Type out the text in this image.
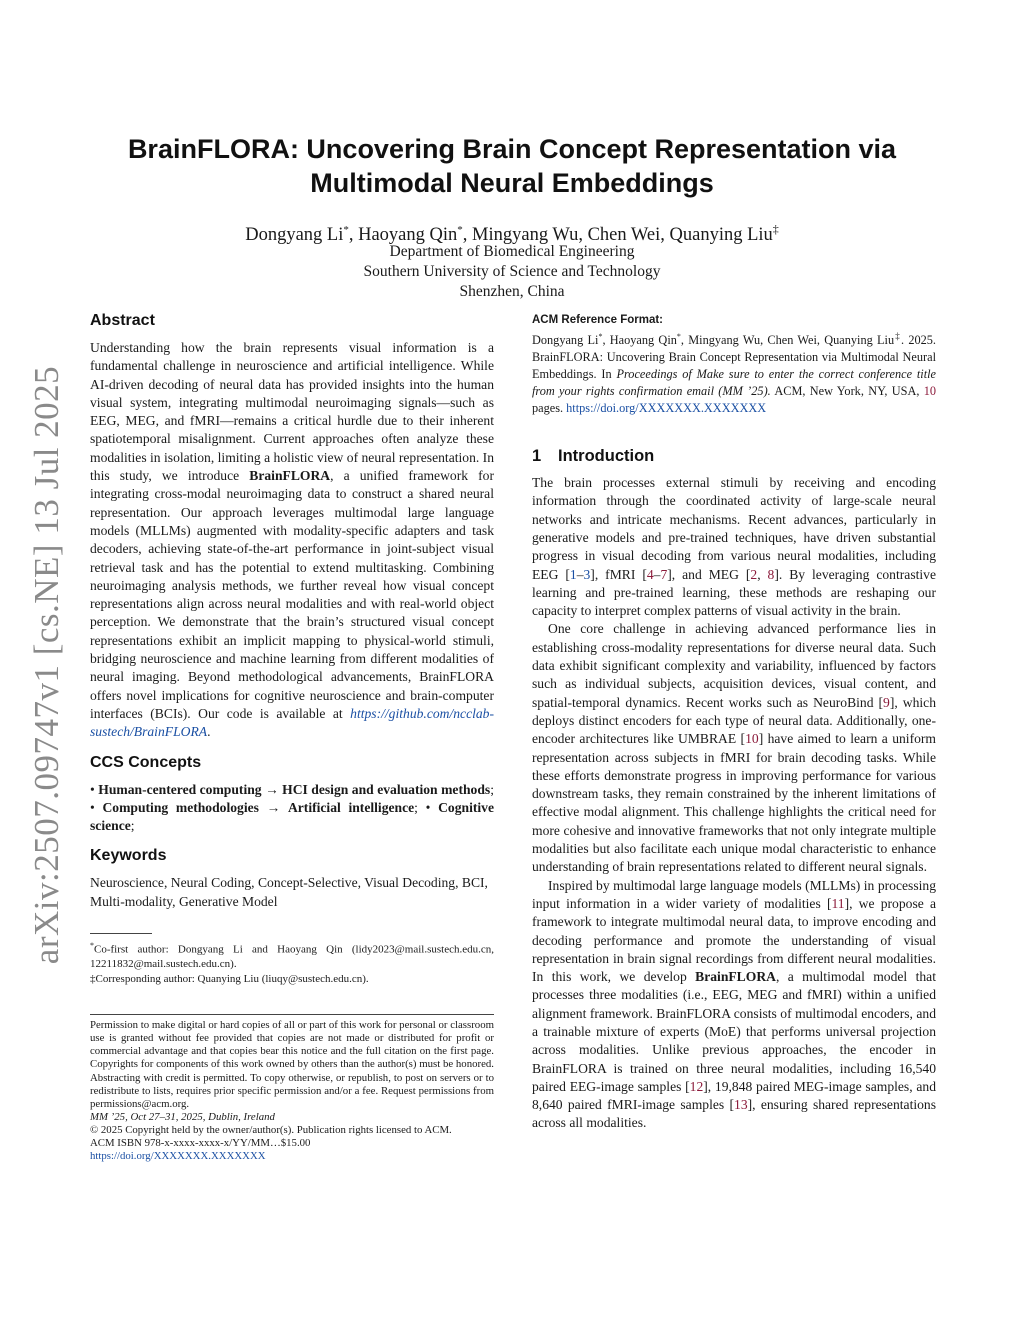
arXiv:2507.09747v1 [cs.NE] 13 Jul 2025
BrainFLORA: Uncovering Brain Concept Representation via
Multimodal Neural Embeddings
Dongyang Li*, Haoyang Qin*, Mingyang Wu, Chen Wei, Quanying Liu‡
Department of Biomedical Engineering
Southern University of Science and Technology
Shenzhen, China
Abstract

Understanding how the brain represents visual information is a fundamental challenge in neuroscience and artificial intelligence. While AI-driven decoding of neural data has provided insights into the human visual system, integrating multimodal neuroimaging signals—such as EEG, MEG, and fMRI—remains a critical hurdle due to their inherent spatiotemporal misalignment. Current approaches often analyze these modalities in isolation, limiting a holistic view of neural representation. In this study, we introduce BrainFLORA, a unified framework for integrating cross-modal neuroimaging data to construct a shared neural representation. Our approach leverages multimodal large language models (MLLMs) augmented with modality-specific adapters and task decoders, achieving state-of-the-art performance in joint-subject visual retrieval task and has the potential to extend multitasking. Combining neuroimaging analysis methods, we further reveal how visual concept representations align across neural modalities and with real-world object perception. We demonstrate that the brain’s structured visual concept representations exhibit an implicit mapping to physical-world stimuli, bridging neuroscience and machine learning from different modalities of neural imaging. Beyond methodological advancements, BrainFLORA offers novel implications for cognitive neuroscience and brain-computer interfaces (BCIs). Our code is available at https://github.com/ncclab-sustech/BrainFLORA.

CCS Concepts

• Human-centered computing → HCI design and evaluation methods; • Computing methodologies → Artificial intelligence; • Cognitive science;

Keywords

Neuroscience, Neural Coding, Concept-Selective, Visual Decoding, BCI, Multi-modality, Generative Model

*Co-first author: Dongyang Li and Haoyang Qin (lidy2023@mail.sustech.edu.cn, 12211832@mail.sustech.edu.cn).

‡Corresponding author: Quanying Liu (liuqy@sustech.edu.cn).

Permission to make digital or hard copies of all or part of this work for personal or classroom use is granted without fee provided that copies are not made or distributed for profit or commercial advantage and that copies bear this notice and the full citation on the first page. Copyrights for components of this work owned by others than the author(s) must be honored. Abstracting with credit is permitted. To copy otherwise, or republish, to post on servers or to redistribute to lists, requires prior specific permission and/or a fee. Request permissions from permissions@acm.org.

MM ’25, Oct 27–31, 2025, Dublin, Ireland

© 2025 Copyright held by the owner/author(s). Publication rights licensed to ACM.

ACM ISBN 978-x-xxxx-xxxx-x/YY/MM…$15.00

https://doi.org/XXXXXXX.XXXXXXX

ACM Reference Format:

Dongyang Li*, Haoyang Qin*, Mingyang Wu, Chen Wei, Quanying Liu‡. 2025. BrainFLORA: Uncovering Brain Concept Representation via Multimodal Neural Embeddings. In Proceedings of Make sure to enter the correct conference title from your rights confirmation email (MM ’25). ACM, New York, NY, USA, 10 pages. https://doi.org/XXXXXXX.XXXXXXX

1 Introduction

The brain processes external stimuli by receiving and encoding information through the coordinated activity of large-scale neural networks and intricate mechanisms. Recent advances, particularly in generative models and pre-trained techniques, have driven substantial progress in visual decoding from various neural modalities, including EEG [1–3], fMRI [4–7], and MEG [2, 8]. By leveraging contrastive learning and pre-trained learning, these methods are reshaping our capacity to interpret complex patterns of visual activity in the brain.

One core challenge in achieving advanced performance lies in establishing cross-modality representations for diverse neural data. Such data exhibit significant complexity and variability, influenced by factors such as individual subjects, acquisition devices, visual content, and spatial-temporal dynamics. Recent works such as NeuroBind [9], which deploys distinct encoders for each type of neural data. Additionally, one-encoder architectures like UMBRAE [10] have aimed to learn a uniform representation across subjects in fMRI for brain decoding tasks. While these efforts demonstrate progress in improving performance for various downstream tasks, they remain constrained by the inherent limitations of effective modal alignment. This challenge highlights the critical need for more cohesive and innovative frameworks that not only integrate multiple modalities but also facilitate each unique modal characteristic to enhance understanding of brain representations related to different neural signals.

Inspired by multimodal large language models (MLLMs) in processing input information in a wider variety of modalities [11], we propose a framework to integrate multimodal neural data, to improve encoding and decoding performance and promote the understanding of visual representation in brain signal recordings from different neural modalities. In this work, we develop BrainFLORA, a multimodal model that processes three modalities (i.e., EEG, MEG and fMRI) within a unified alignment framework. BrainFLORA consists of multimodal encoders, and a trainable mixture of experts (MoE) that performs universal projection across modalities. Unlike previous approaches, the encoder in BrainFLORA is trained on three neural modalities, including 16,540 paired EEG-image samples [12], 19,848 paired MEG-image samples, and 8,640 paired fMRI-image samples [13], ensuring shared representations across all modalities.
